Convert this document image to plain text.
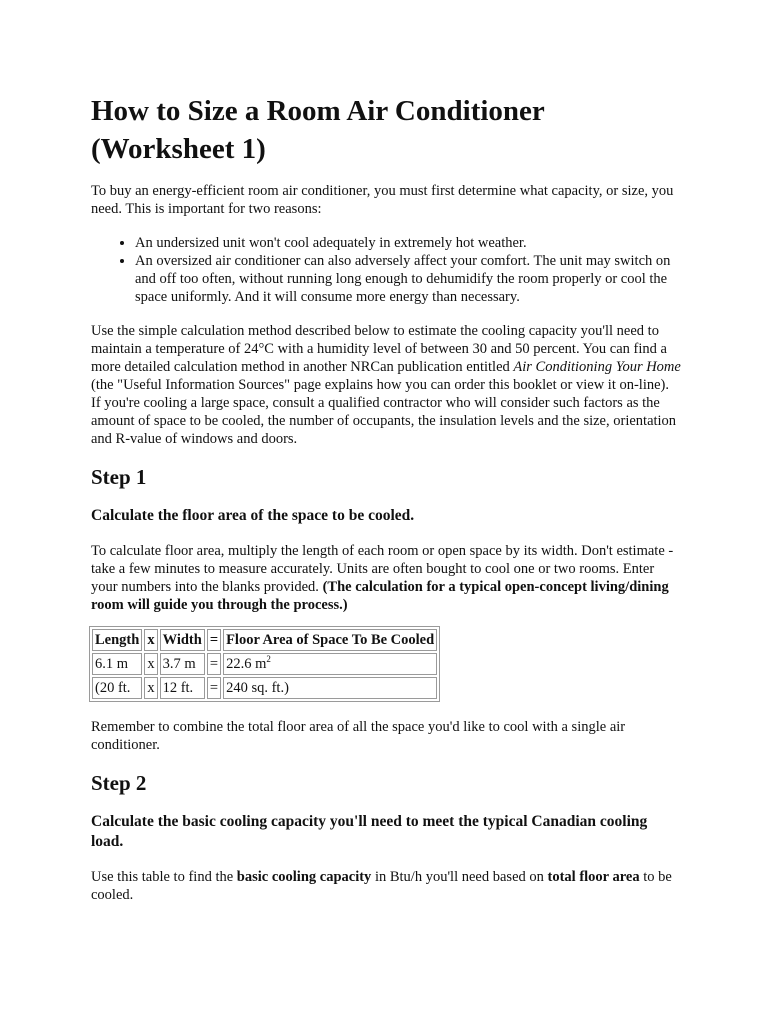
How to Size a Room Air Conditioner
(Worksheet 1)

To buy an energy-efficient room air conditioner, you must first determine what capacity, or size, you need. This is important for two reasons:

• An undersized unit won't cool adequately in extremely hot weather.
• An oversized air conditioner can also adversely affect your comfort. The unit may switch on and off too often, without running long enough to dehumidify the room properly or cool the space uniformly. And it will consume more energy than necessary.

Use the simple calculation method described below to estimate the cooling capacity you'll need to maintain a temperature of 24°C with a humidity level of between 30 and 50 percent. You can find a more detailed calculation method in another NRCan publication entitled Air Conditioning Your Home (the "Useful Information Sources" page explains how you can order this booklet or view it on-line). If you're cooling a large space, consult a qualified contractor who will consider such factors as the amount of space to be cooled, the number of occupants, the insulation levels and the size, orientation and R-value of windows and doors.

Step 1
Calculate the floor area of the space to be cooled.

To calculate floor area, multiply the length of each room or open space by its width. Don't estimate - take a few minutes to measure accurately. Units are often bought to cool one or two rooms. Enter your numbers into the blanks provided. (The calculation for a typical open-concept living/dining room will guide you through the process.)

Length	x	Width	=	Floor Area of Space To Be Cooled
6.1 m	x	3.7 m	=	22.6 $m^2$
(20 ft.	x	12 ft.	=	240 sq. ft.)

Remember to combine the total floor area of all the space you'd like to cool with a single air conditioner.

Step 2
Calculate the basic cooling capacity you'll need to meet the typical Canadian cooling load.

Use this table to find the basic cooling capacity in Btu/h you'll need based on total floor area to be cooled.
